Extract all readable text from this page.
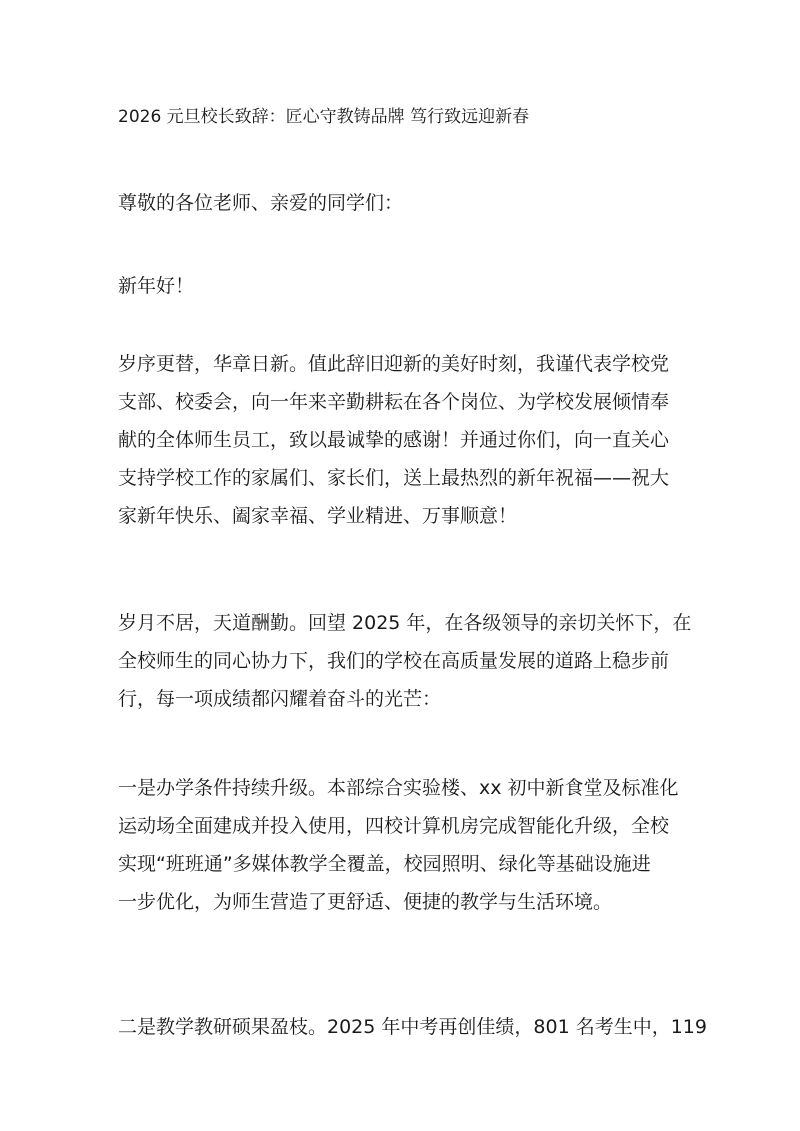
2026 元旦校长致辞：匠心守教铸品牌 笃行致远迎新春
尊敬的各位老师、亲爱的同学们：
新年好！
岁序更替，华章日新。值此辞旧迎新的美好时刻，我谨代表学校党
支部、校委会，向一年来辛勤耕耘在各个岗位、为学校发展倾情奉
献的全体师生员工，致以最诚挚的感谢！并通过你们，向一直关心
支持学校工作的家属们、家长们，送上最热烈的新年祝福——祝大
家新年快乐、阖家幸福、学业精进、万事顺意！
岁月不居，天道酬勤。回望 2025 年，在各级领导的亲切关怀下，在
全校师生的同心协力下，我们的学校在高质量发展的道路上稳步前
行，每一项成绩都闪耀着奋斗的光芒：
一是办学条件持续升级。本部综合实验楼、xx 初中新食堂及标准化
运动场全面建成并投入使用，四校计算机房完成智能化升级，全校
实现“班班通”多媒体教学全覆盖，校园照明、绿化等基础设施进
一步优化，为师生营造了更舒适、便捷的教学与生活环境。
二是教学教研硕果盈枝。2025 年中考再创佳绩，801 名考生中，119
